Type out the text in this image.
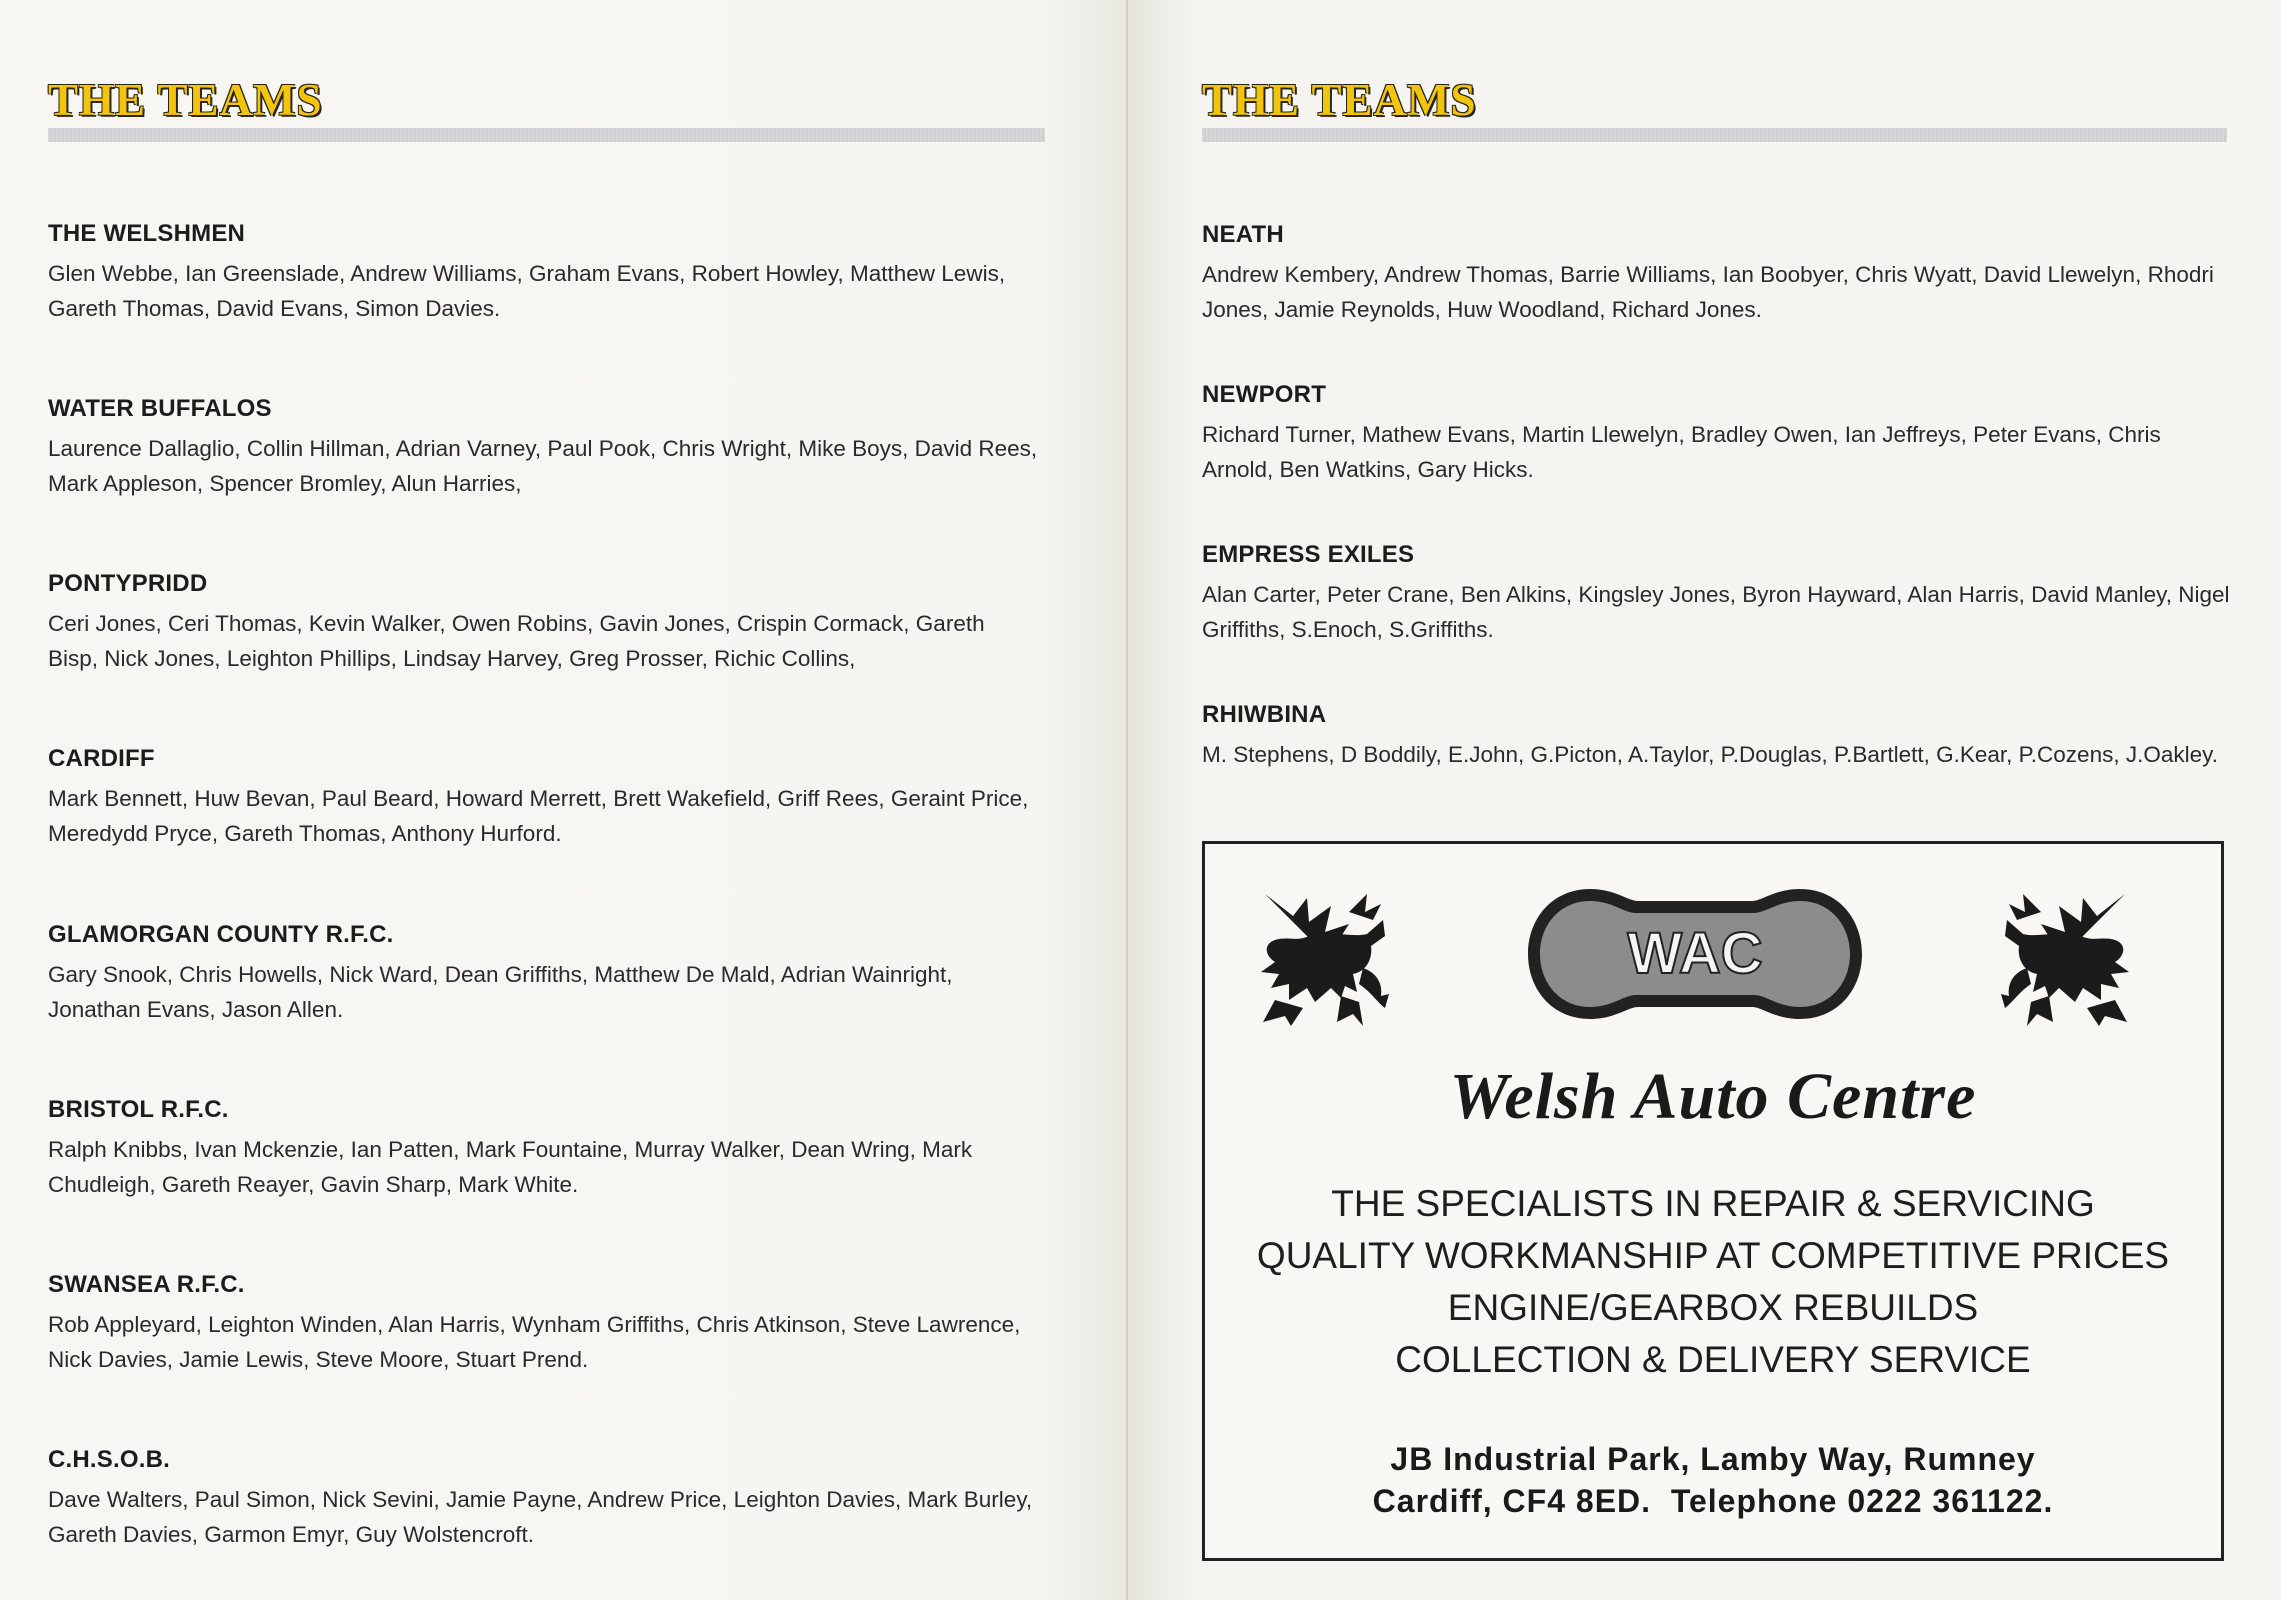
THE TEAMS
THE WELSHMEN

Glen Webbe, Ian Greenslade, Andrew Williams, Graham Evans, Robert Howley, Matthew Lewis, Gareth Thomas, David Evans, Simon Davies.

WATER BUFFALOS

Laurence Dallaglio, Collin Hillman, Adrian Varney, Paul Pook, Chris Wright, Mike Boys, David Rees, Mark Appleson, Spencer Bromley, Alun Harries,

PONTYPRIDD

Ceri Jones, Ceri Thomas, Kevin Walker, Owen Robins, Gavin Jones, Crispin Cormack, Gareth Bisp, Nick Jones, Leighton Phillips, Lindsay Harvey, Greg Prosser, Richic Collins,

CARDIFF

Mark Bennett, Huw Bevan, Paul Beard, Howard Merrett, Brett Wakefield, Griff Rees, Geraint Price, Meredydd Pryce, Gareth Thomas, Anthony Hurford.

GLAMORGAN COUNTY R.F.C.

Gary Snook, Chris Howells, Nick Ward, Dean Griffiths, Matthew De Mald, Adrian Wainright, Jonathan Evans, Jason Allen.

BRISTOL R.F.C.

Ralph Knibbs, Ivan Mckenzie, Ian Patten, Mark Fountaine, Murray Walker, Dean Wring, Mark Chudleigh, Gareth Reayer, Gavin Sharp, Mark White.

SWANSEA R.F.C.

Rob Appleyard, Leighton Winden, Alan Harris, Wynham Griffiths, Chris Atkinson, Steve Lawrence, Nick Davies, Jamie Lewis, Steve Moore, Stuart Prend.

C.H.S.O.B.

Dave Walters, Paul Simon, Nick Sevini, Jamie Payne, Andrew Price, Leighton Davies, Mark Burley, Gareth Davies, Garmon Emyr, Guy Wolstencroft.

THE TEAMS
NEATH

Andrew Kembery, Andrew Thomas, Barrie Williams, Ian Boobyer, Chris Wyatt, David Llewelyn, Rhodri Jones, Jamie Reynolds, Huw Woodland, Richard Jones.

NEWPORT

Richard Turner, Mathew Evans, Martin Llewelyn, Bradley Owen, Ian Jeffreys, Peter Evans, Chris Arnold, Ben Watkins, Gary Hicks.

EMPRESS EXILES

Alan Carter, Peter Crane, Ben Alkins, Kingsley Jones, Byron Hayward, Alan Harris, David Manley, Nigel Griffiths, S.Enoch, S.Griffiths.

RHIWBINA

M. Stephens, D Boddily, E.John, G.Picton, A.Taylor, P.Douglas, P.Bartlett, G.Kear, P.Cozens, J.Oakley.

WAC
Welsh Auto Centre
THE SPECIALISTS IN REPAIR & SERVICING
QUALITY WORKMANSHIP AT COMPETITIVE PRICES
ENGINE/GEARBOX REBUILDS
COLLECTION & DELIVERY SERVICE
JB Industrial Park, Lamby Way, Rumney
Cardiff, CF4 8ED.  Telephone 0222 361122.
